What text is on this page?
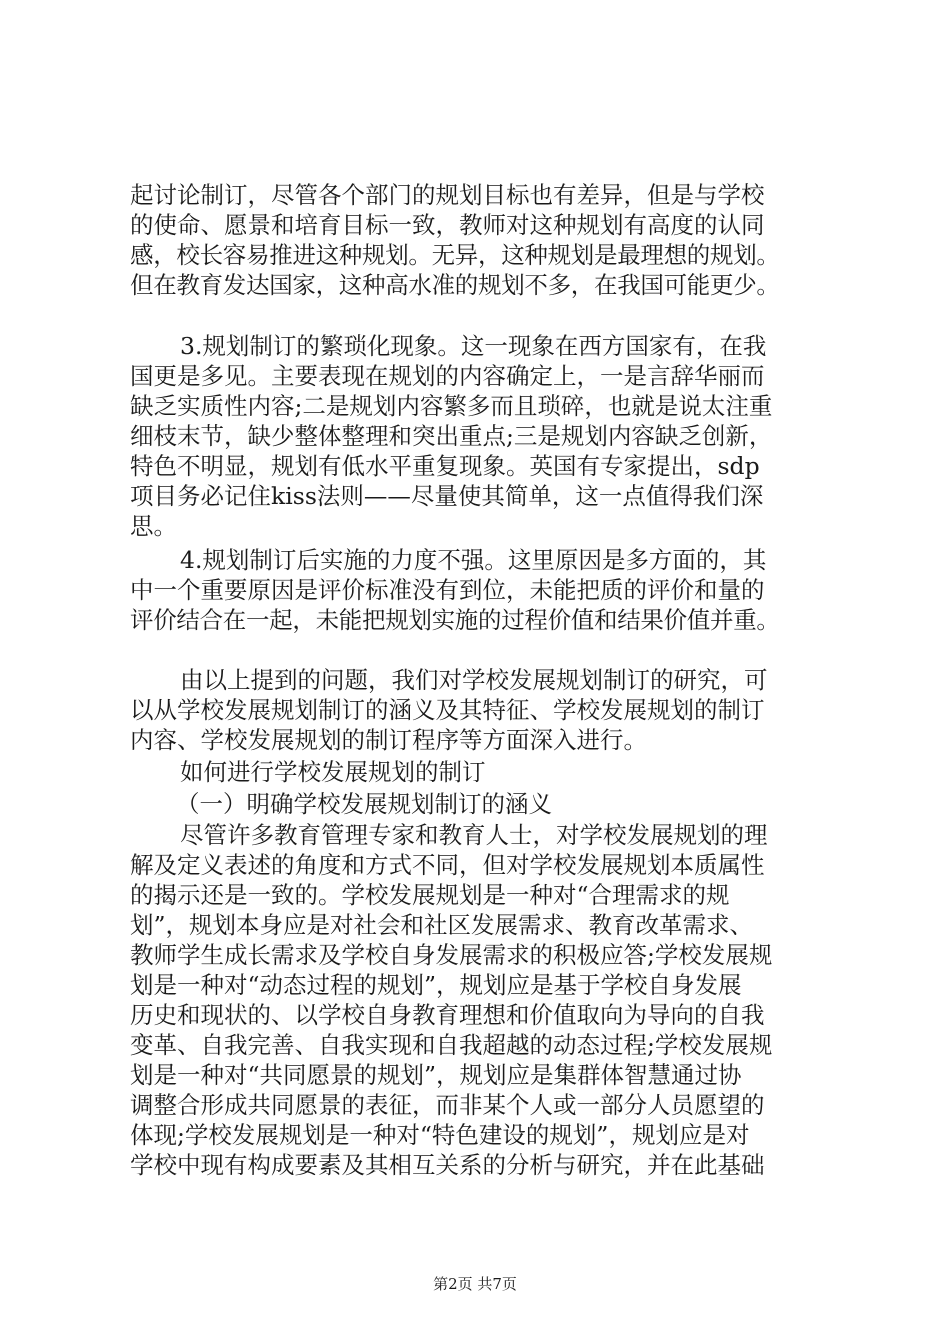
起讨论制订，尽管各个部门的规划目标也有差异，但是与学校
的使命、愿景和培育目标一致，教师对这种规划有高度的认同
感，校长容易推进这种规划。无异，这种规划是最理想的规划。
但在教育发达国家，这种高水准的规划不多，在我国可能更少。
3.规划制订的繁琐化现象。这一现象在西方国家有，在我
国更是多见。主要表现在规划的内容确定上，一是言辞华丽而
缺乏实质性内容;二是规划内容繁多而且琐碎，也就是说太注重
细枝末节，缺少整体整理和突出重点;三是规划内容缺乏创新，
特色不明显，规划有低水平重复现象。英国有专家提出，sdp
项目务必记住kiss法则——尽量使其简单，这一点值得我们深
思。
4.规划制订后实施的力度不强。这里原因是多方面的，其
中一个重要原因是评价标准没有到位，未能把质的评价和量的
评价结合在一起，未能把规划实施的过程价值和结果价值并重。
由以上提到的问题，我们对学校发展规划制订的研究，可
以从学校发展规划制订的涵义及其特征、学校发展规划的制订
内容、学校发展规划的制订程序等方面深入进行。
如何进行学校发展规划的制订
（一）明确学校发展规划制订的涵义
尽管许多教育管理专家和教育人士，对学校发展规划的理
解及定义表述的角度和方式不同，但对学校发展规划本质属性
的揭示还是一致的。学校发展规划是一种对“合理需求的规
划”，规划本身应是对社会和社区发展需求、教育改革需求、
教师学生成长需求及学校自身发展需求的积极应答;学校发展规
划是一种对“动态过程的规划”，规划应是基于学校自身发展
历史和现状的、以学校自身教育理想和价值取向为导向的自我
变革、自我完善、自我实现和自我超越的动态过程;学校发展规
划是一种对“共同愿景的规划”，规划应是集群体智慧通过协
调整合形成共同愿景的表征，而非某个人或一部分人员愿望的
体现;学校发展规划是一种对“特色建设的规划”，规划应是对
学校中现有构成要素及其相互关系的分析与研究，并在此基础
第2页 共7页
